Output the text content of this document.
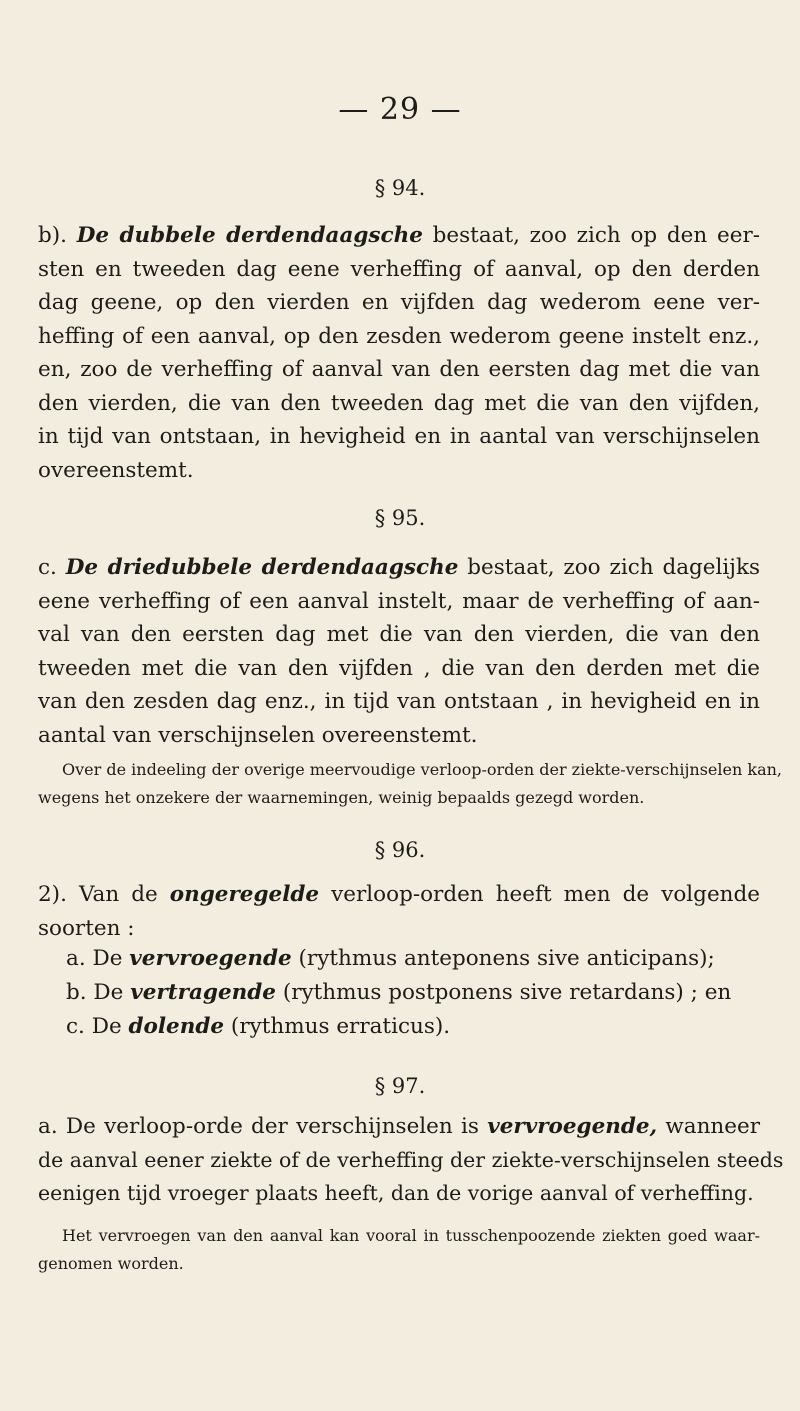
— 29 —
§ 94.
b). De dubbele derdendaagsche bestaat, zoo zich op den eer-
sten en tweeden dag eene verheffing of aanval, op den derden
dag geene, op den vierden en vijfden dag wederom eene ver-
heffing of een aanval, op den zesden wederom geene instelt enz.,
en, zoo de verheffing of aanval van den eersten dag met die van
den vierden, die van den tweeden dag met die van den vijfden,
in tijd van ontstaan, in hevigheid en in aantal van verschijnselen
overeenstemt.
§ 95.
c. De driedubbele derdendaagsche bestaat, zoo zich dagelijks
eene verheffing of een aanval instelt, maar de verheffing of aan-
val van den eersten dag met die van den vierden, die van den
tweeden met die van den vijfden , die van den derden met die
van den zesden dag enz., in tijd van ontstaan , in hevigheid en in
aantal van verschijnselen overeenstemt.
Over de indeeling der overige meervoudige verloop-orden der ziekte-verschijnselen kan,
wegens het onzekere der waarnemingen, weinig bepaalds gezegd worden.
§ 96.
2). Van de ongeregelde verloop-orden heeft men de volgende
soorten :
a. De vervroegende (rythmus anteponens sive anticipans);
b. De vertragende (rythmus postponens sive retardans) ; en
c. De dolende (rythmus erraticus).
§ 97.
a. De verloop-orde der verschijnselen is vervroegende, wanneer
de aanval eener ziekte of de verheffing der ziekte-verschijnselen steeds
eenigen tijd vroeger plaats heeft, dan de vorige aanval of verheffing.
Het vervroegen van den aanval kan vooral in tusschenpoozende ziekten goed waar-
genomen worden.
